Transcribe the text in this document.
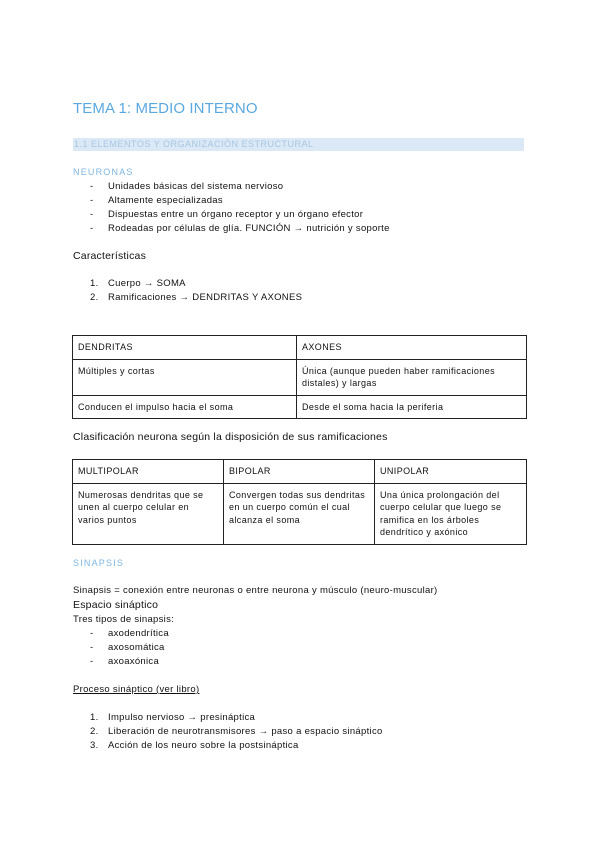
TEMA 1: MEDIO INTERNO
1.1 ELEMENTOS Y ORGANIZACIÓN ESTRUCTURAL
NEURONAS
- Unidades básicas del sistema nervioso
- Altamente especializadas
- Dispuestas entre un órgano receptor y un órgano efector
- Rodeadas por células de glía. FUNCIÓN → nutrición y soporte
Características
1. Cuerpo → SOMA
2. Ramificaciones → DENDRITAS Y AXONES
DENDRITAS	AXONES
Múltiples y cortas	Única (aunque pueden haber ramificaciones distales) y largas
Conducen el impulso hacia el soma	Desde el soma hacia la periferia
Clasificación neurona según la disposición de sus ramificaciones
MULTIPOLAR	BIPOLAR	UNIPOLAR
Numerosas dendritas que se unen al cuerpo celular en varios puntos	Convergen todas sus dendritas en un cuerpo común el cual alcanza el soma	Una única prolongación del cuerpo celular que luego se ramifica en los árboles dendrítico y axónico
SINAPSIS
Sinapsis = conexión entre neuronas o entre neurona y músculo (neuro-muscular)
Espacio sináptico
Tres tipos de sinapsis:
- axodendrítica
- axosomática
- axoaxónica
Proceso sináptico (ver libro)
1. Impulso nervioso → presináptica
2. Liberación de neurotransmisores → paso a espacio sináptico
3. Acción de los neuro sobre la postsináptica
